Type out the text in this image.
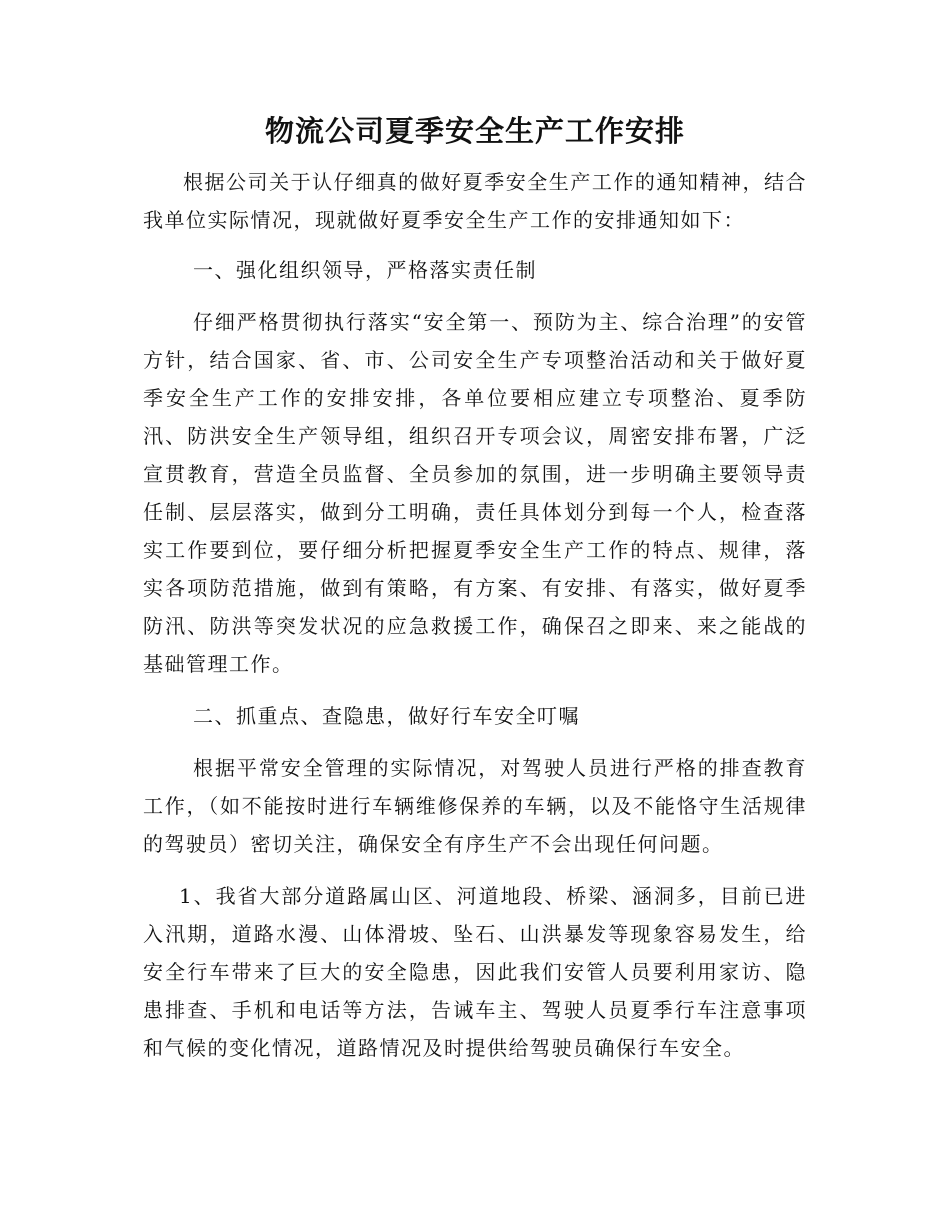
物流公司夏季安全生产工作安排

根据公司关于认仔细真的做好夏季安全生产工作的通知精神，结合我单位实际情况，现就做好夏季安全生产工作的安排通知如下：

一、强化组织领导，严格落实责任制

仔细严格贯彻执行落实“安全第一、预防为主、综合治理”的安管方针，结合国家、省、市、公司安全生产专项整治活动和关于做好夏季安全生产工作的安排安排，各单位要相应建立专项整治、夏季防汛、防洪安全生产领导组，组织召开专项会议，周密安排布署，广泛宣贯教育，营造全员监督、全员参加的氛围，进一步明确主要领导责任制、层层落实，做到分工明确，责任具体划分到每一个人，检查落实工作要到位，要仔细分析把握夏季安全生产工作的特点、规律，落实各项防范措施，做到有策略，有方案、有安排、有落实，做好夏季防汛、防洪等突发状况的应急救援工作，确保召之即来、来之能战的基础管理工作。

二、抓重点、查隐患，做好行车安全叮嘱

根据平常安全管理的实际情况，对驾驶人员进行严格的排查教育工作，（如不能按时进行车辆维修保养的车辆，以及不能恪守生活规律的驾驶员）密切关注，确保安全有序生产不会出现任何问题。

1、我省大部分道路属山区、河道地段、桥梁、涵洞多，目前已进入汛期，道路水漫、山体滑坡、坠石、山洪暴发等现象容易发生，给安全行车带来了巨大的安全隐患，因此我们安管人员要利用家访、隐患排查、手机和电话等方法，告诫车主、驾驶人员夏季行车注意事项和气候的变化情况，道路情况及时提供给驾驶员确保行车安全。
